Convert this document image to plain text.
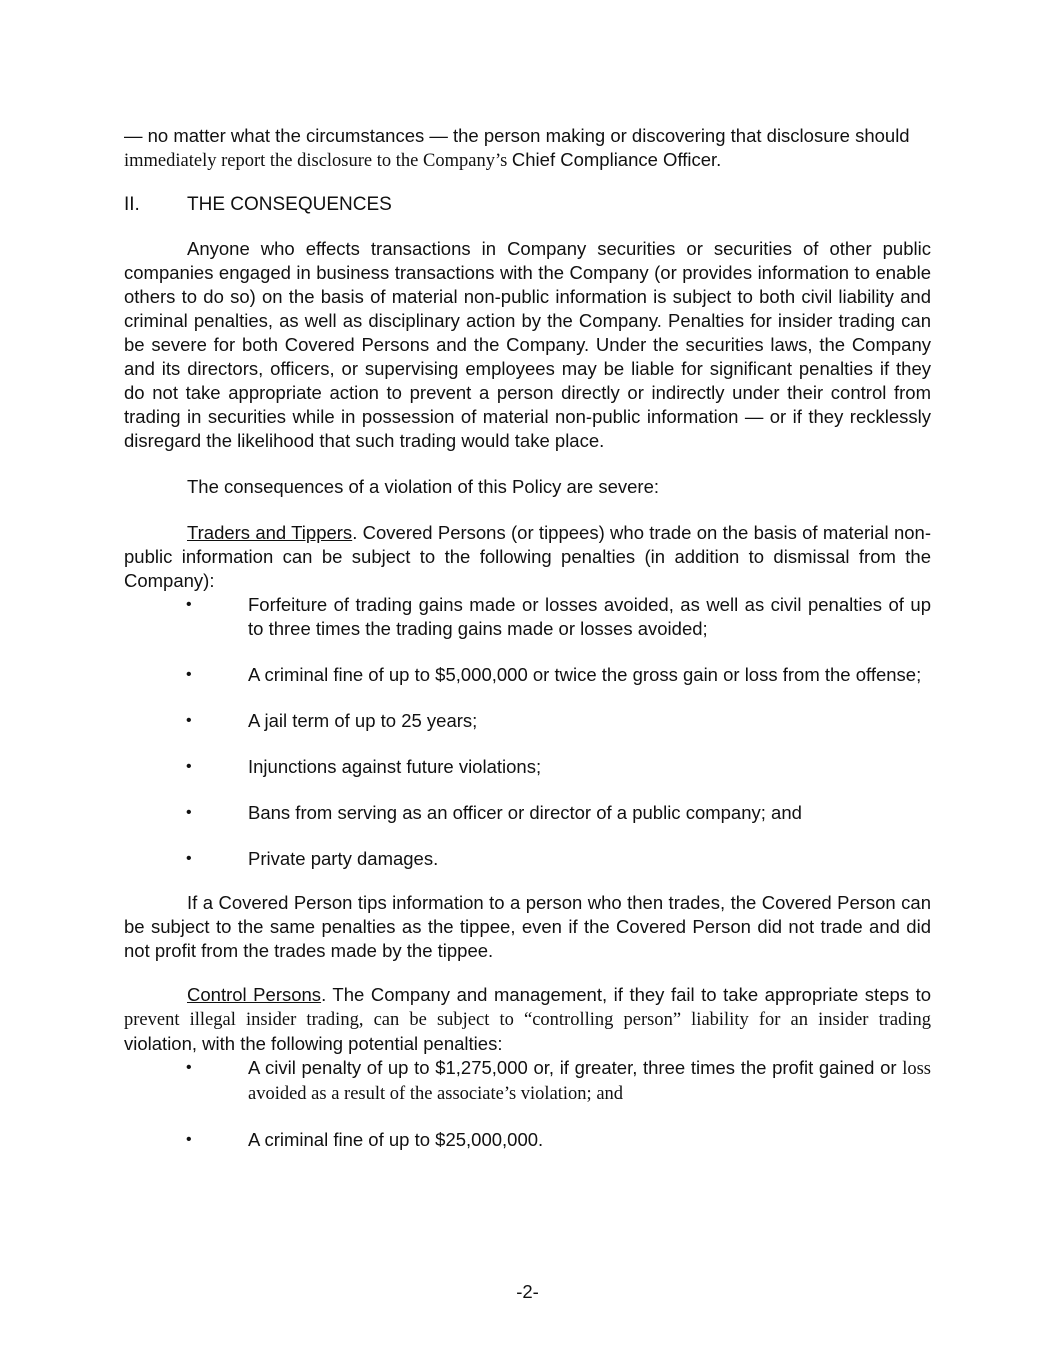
— no matter what the circumstances — the person making or discovering that disclosure should
immediately report the disclosure to the Company’s Chief Compliance Officer.

II.	THE CONSEQUENCES

Anyone who effects transactions in Company securities or securities of other public companies engaged in business transactions with the Company (or provides information to enable others to do so) on the basis of material non-public information is subject to both civil liability and criminal penalties, as well as disciplinary action by the Company. Penalties for insider trading can be severe for both Covered Persons and the Company. Under the securities laws, the Company and its directors, officers, or supervising employees may be liable for significant penalties if they do not take appropriate action to prevent a person directly or indirectly under their control from trading in securities while in possession of material non-public information — or if they recklessly disregard the likelihood that such trading would take place.

The consequences of a violation of this Policy are severe:

Traders and Tippers. Covered Persons (or tippees) who trade on the basis of material non-public information can be subject to the following penalties (in addition to dismissal from the Company):

•	Forfeiture of trading gains made or losses avoided, as well as civil penalties of up to three times the trading gains made or losses avoided;
•	A criminal fine of up to $5,000,000 or twice the gross gain or loss from the offense;
•	A jail term of up to 25 years;
•	Injunctions against future violations;
•	Bans from serving as an officer or director of a public company; and
•	Private party damages.

If a Covered Person tips information to a person who then trades, the Covered Person can be subject to the same penalties as the tippee, even if the Covered Person did not trade and did not profit from the trades made by the tippee.

Control Persons. The Company and management, if they fail to take appropriate steps to prevent illegal insider trading, can be subject to “controlling person” liability for an insider trading violation, with the following potential penalties:

•	A civil penalty of up to $1,275,000 or, if greater, three times the profit gained or loss avoided as a result of the associate’s violation; and
•	A criminal fine of up to $25,000,000.
-2-
